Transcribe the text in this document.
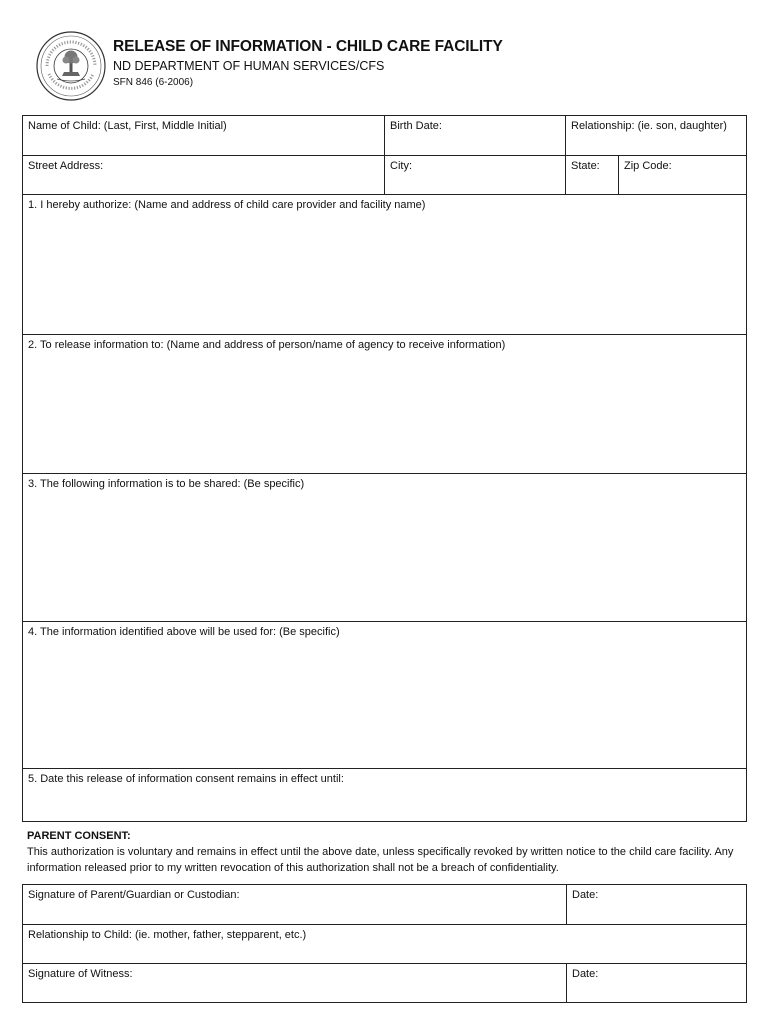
RELEASE OF INFORMATION - CHILD CARE FACILITY
ND DEPARTMENT OF HUMAN SERVICES/CFS
SFN 846 (6-2006)
Name of Child: (Last, First, Middle Initial)	Birth Date:	Relationship: (ie. son, daughter)
Street Address:	City:	State:	Zip Code:
1. I hereby authorize: (Name and address of child care provider and facility name)
2. To release information to: (Name and address of person/name of agency to receive information)
3. The following information is to be shared: (Be specific)
4. The information identified above will be used for: (Be specific)
5. Date this release of information consent remains in effect until:
PARENT CONSENT:
This authorization is voluntary and remains in effect until the above date, unless specifically revoked by written notice to the child care facility. Any information released prior to my written revocation of this authorization shall not be a breach of confidentiality.
Signature of Parent/Guardian or Custodian:	Date:
Relationship to Child: (ie. mother, father, stepparent, etc.)
Signature of Witness:	Date:
